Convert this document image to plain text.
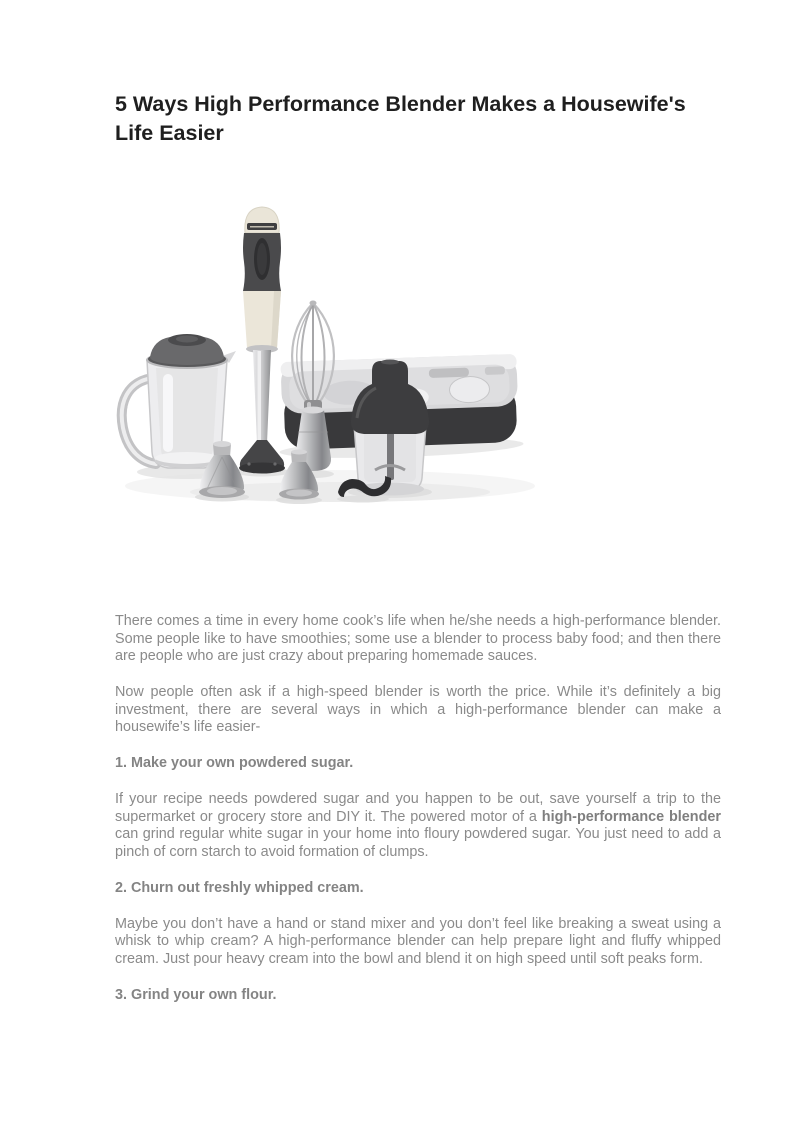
5 Ways High Performance Blender Makes a Housewife's Life Easier

There comes a time in every home cook’s life when he/she needs a high-performance blender. Some people like to have smoothies; some use a blender to process baby food; and then there are people who are just crazy about preparing homemade sauces.

Now people often ask if a high-speed blender is worth the price. While it’s definitely a big investment, there are several ways in which a high-performance blender can make a housewife’s life easier-

1. Make your own powdered sugar.

If your recipe needs powdered sugar and you happen to be out, save yourself a trip to the supermarket or grocery store and DIY it. The powered motor of a high-performance blender can grind regular white sugar in your home into floury powdered sugar. You just need to add a pinch of corn starch to avoid formation of clumps.

2. Churn out freshly whipped cream.

Maybe you don’t have a hand or stand mixer and you don’t feel like breaking a sweat using a whisk to whip cream? A high-performance blender can help prepare light and fluffy whipped cream. Just pour heavy cream into the bowl and blend it on high speed until soft peaks form.

3. Grind your own flour.
